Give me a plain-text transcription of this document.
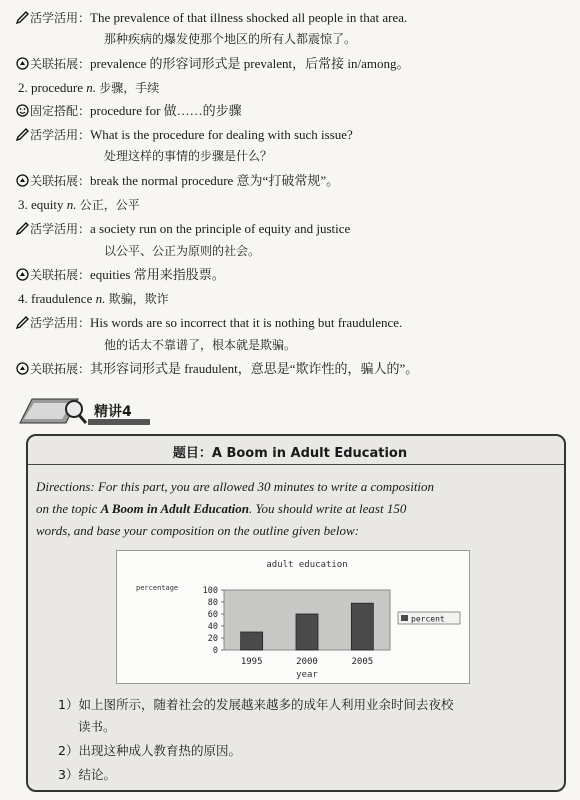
活学活用：The prevalence of that illness shocked all people in that area.
那种疾病的爆发使那个地区的所有人都震惊了。
关联拓展：prevalence 的形容词形式是 prevalent，后常接 in/among。
2. procedure n. 步骤，手续
固定搭配：procedure for 做……的步骤
活学活用：What is the procedure for dealing with such issue?
处理这样的事情的步骤是什么？
关联拓展：break the normal procedure 意为“打破常规”。
3. equity n. 公正，公平
活学活用：a society run on the principle of equity and justice
以公平、公正为原则的社会。
关联拓展：equities 常用来指股票。
4. fraudulence n. 欺骗，欺诈
活学活用：His words are so incorrect that it is nothing but fraudulence.
他的话太不靠谱了，根本就是欺骗。
关联拓展：其形容词形式是 fraudulent，意思是“欺诈性的，骗人的”。
精讲4
题目：A Boom in Adult Education
Directions: For this part, you are allowed 30 minutes to write a composition
on the topic A Boom in Adult Education. You should write at least 150
words, and base your composition on the outline given below:
adult education
percentage
0
20
40
60
80
100
1995	2000	2005
year
percent
1）如上图所示，随着社会的发展越来越多的成年人利用业余时间去夜校
读书。
2）出现这种成人教育热的原因。
3）结论。
